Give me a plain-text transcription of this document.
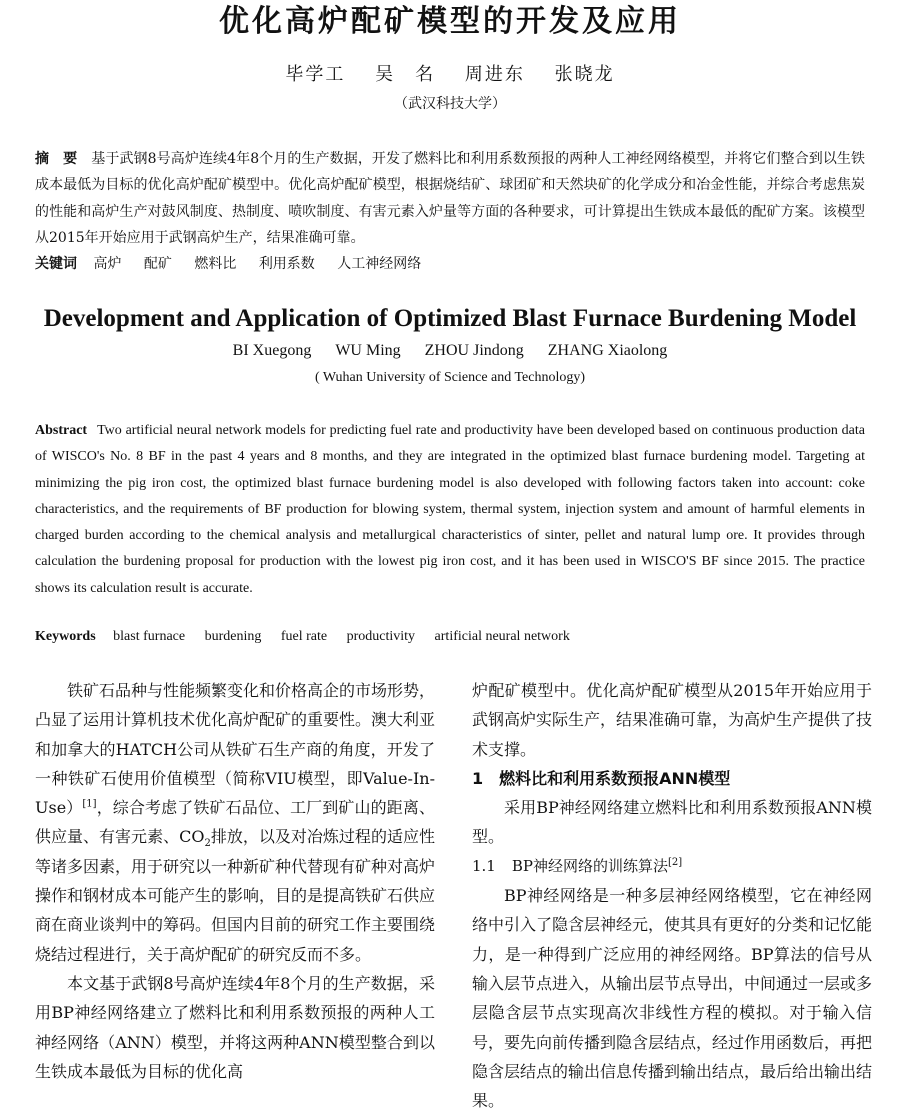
优化高炉配矿模型的开发及应用
毕学工 吴　名 周进东 张晓龙
（武汉科技大学）
摘　要 基于武钢8号高炉连续4年8个月的生产数据，开发了燃料比和利用系数预报的两种人工神经网络模型，并将它们整合到以生铁成本最低为目标的优化高炉配矿模型中。优化高炉配矿模型，根据烧结矿、球团矿和天然块矿的化学成分和冶金性能，并综合考虑焦炭的性能和高炉生产对鼓风制度、热制度、喷吹制度、有害元素入炉量等方面的各种要求，可计算提出生铁成本最低的配矿方案。该模型从2015年开始应用于武钢高炉生产，结果准确可靠。
关键词 高炉 配矿 燃料比 利用系数 人工神经网络
Development and Application of Optimized Blast Furnace Burdening Model
BI Xuegong WU Ming ZHOU Jindong ZHANG Xiaolong
( Wuhan University of Science and Technology)
Abstract Two artificial neural network models for predicting fuel rate and productivity have been developed based on continuous production data of WISCO's No. 8 BF in the past 4 years and 8 months, and they are integrated in the optimized blast furnace burdening model. Targeting at minimizing the pig iron cost, the optimized blast furnace burdening model is also developed with following factors taken into account: coke characteristics, and the requirements of BF production for blowing system, thermal system, injection system and amount of harmful elements in charged burden according to the chemical analysis and metallurgical characteristics of sinter, pellet and natural lump ore. It provides through calculation the burdening proposal for production with the lowest pig iron cost, and it has been used in WISCO'S BF since 2015. The practice shows its calculation result is accurate.
Keywords blast furnace burdening fuel rate productivity artificial neural network

铁矿石品种与性能频繁变化和价格高企的市场形势，凸显了运用计算机技术优化高炉配矿的重要性。澳大利亚和加拿大的HATCH公司从铁矿石生产商的角度，开发了一种铁矿石使用价值模型（简称VIU模型，即Value-In-Use）[1]，综合考虑了铁矿石品位、工厂到矿山的距离、供应量、有害元素、$CO_2$排放，以及对冶炼过程的适应性等诸多因素，用于研究以一种新矿种代替现有矿种对高炉操作和钢材成本可能产生的影响，目的是提高铁矿石供应商在商业谈判中的筹码。但国内目前的研究工作主要围绕烧结过程进行，关于高炉配矿的研究反而不多。

本文基于武钢8号高炉连续4年8个月的生产数据，采用BP神经网络建立了燃料比和利用系数预报的两种人工神经网络（ANN）模型，并将这两种ANN模型整合到以生铁成本最低为目标的优化高

炉配矿模型中。优化高炉配矿模型从2015年开始应用于武钢高炉实际生产，结果准确可靠，为高炉生产提供了技术支撑。

1 燃料比和利用系数预报ANN模型

采用BP神经网络建立燃料比和利用系数预报ANN模型。

1.1 BP神经网络的训练算法[2]

BP神经网络是一种多层神经网络模型，它在神经网络中引入了隐含层神经元，使其具有更好的分类和记忆能力，是一种得到广泛应用的神经网络。BP算法的信号从输入层节点进入，从输出层节点导出，中间通过一层或多层隐含层节点实现高次非线性方程的模拟。对于输入信号，要先向前传播到隐含层结点，经过作用函数后，再把隐含层结点的输出信息传播到输出结点，最后给出输出结果。
